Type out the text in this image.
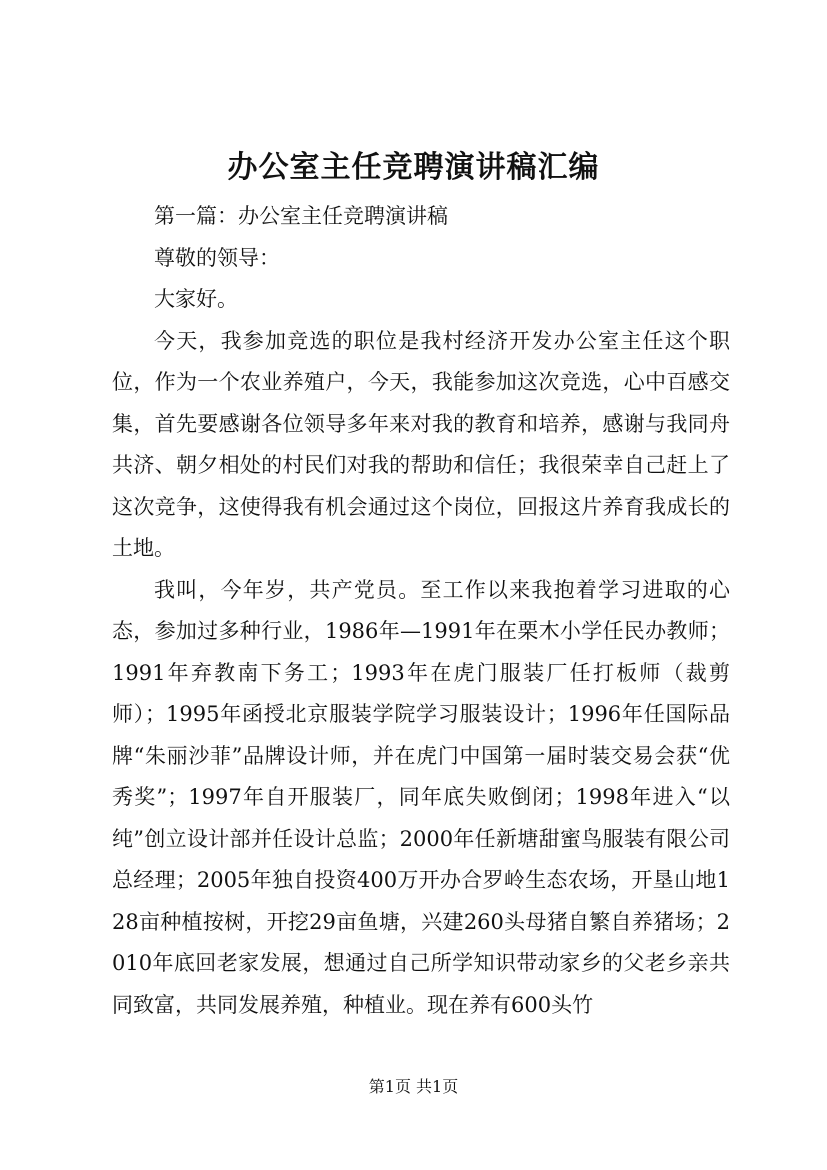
办公室主任竞聘演讲稿汇编

第一篇：办公室主任竞聘演讲稿

尊敬的领导：

大家好。

今天，我参加竞选的职位是我村经济开发办公室主任这个职位，作为一个农业养殖户，今天，我能参加这次竞选，心中百感交集，首先要感谢各位领导多年来对我的教育和培养，感谢与我同舟共济、朝夕相处的村民们对我的帮助和信任；我很荣幸自己赶上了这次竞争，这使得我有机会通过这个岗位，回报这片养育我成长的土地。

我叫，今年岁，共产党员。至工作以来我抱着学习进取的心态，参加过多种行业，1986年—1991年在栗木小学任民办教师；1991年弃教南下务工；1993年在虎门服装厂任打板师（裁剪师）；1995年函授北京服装学院学习服装设计；1996年任国际品牌“朱丽沙菲”品牌设计师，并在虎门中国第一届时装交易会获“优秀奖”；1997年自开服装厂，同年底失败倒闭；1998年进入“以纯”创立设计部并任设计总监；2000年任新塘甜蜜鸟服装有限公司总经理；2005年独自投资400万开办合罗岭生态农场，开垦山地128亩种植按树，开挖29亩鱼塘，兴建260头母猪自繁自养猪场；2010年底回老家发展，想通过自己所学知识带动家乡的父老乡亲共同致富，共同发展养殖，种植业。现在养有600头竹

第1页 共1页
